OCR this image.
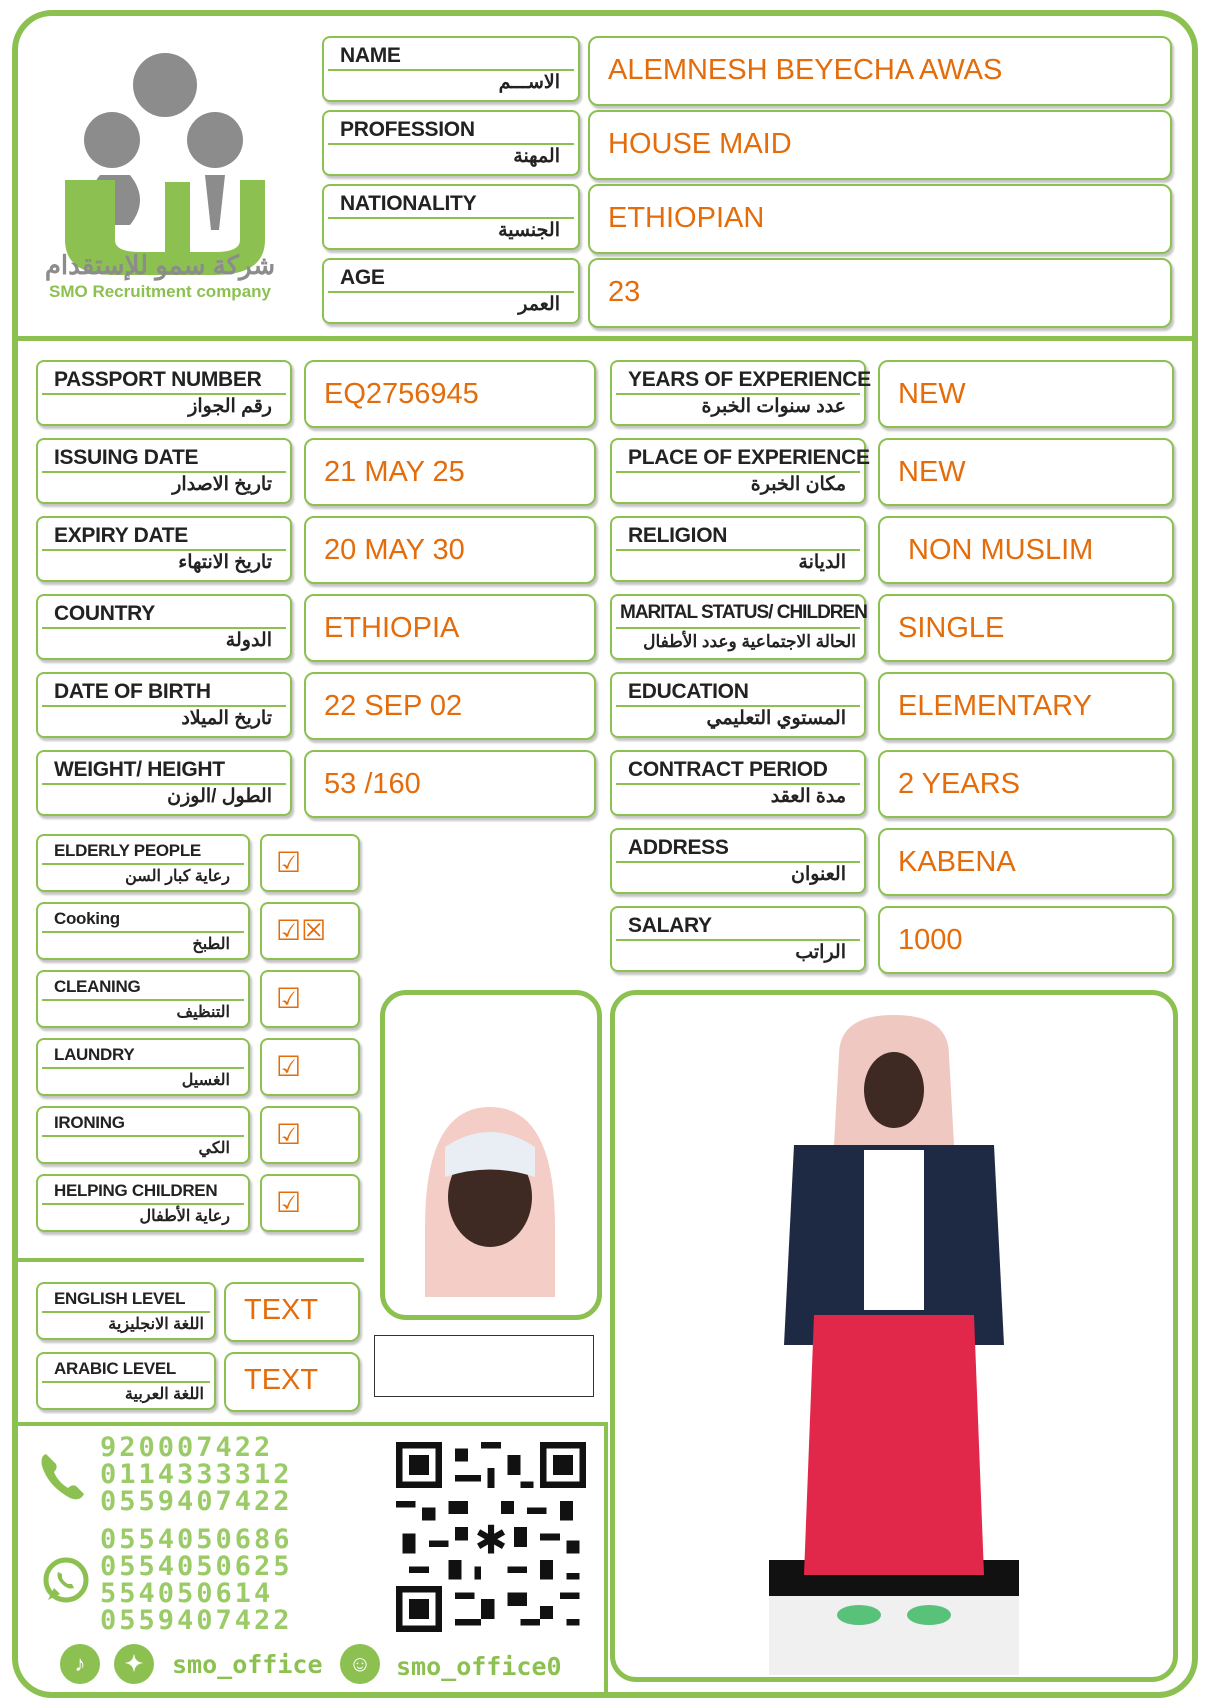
شركة سمو للإستقدام
SMO Recruitment company
NAME
الاســـم ALEMNESH BEYECHA AWAS
PROFESSION
المهنة HOUSE MAID
NATIONALITY
الجنسية ETHIOPIAN
AGE
العمر 23
PASSPORT NUMBER
رقم الجواز EQ2756945
ISSUING DATE
تاريخ الاصدار 21 MAY 25
EXPIRY DATE
تاريخ الانتهاء 20 MAY 30
COUNTRY
الدولة ETHIOPIA
DATE OF BIRTH
تاريخ الميلاد 22 SEP 02
WEIGHT/ HEIGHT
الطول /الوزن 53 /160
YEARS OF EXPERIENCE
عدد سنوات الخبرة NEW
PLACE OF EXPERIENCE
مكان الخبرة NEW
RELIGION
الديانة NON MUSLIM
MARITAL STATUS/ CHILDREN
الحالة الاجتماعية وعدد الأطفال SINGLE
EDUCATION
المستوي التعليمي ELEMENTARY
CONTRACT PERIOD
مدة العقد 2 YEARS
ADDRESS
العنوان KABENA
SALARY
الراتب 1000
ELDERLY PEOPLE
رعاية كبار السن ☑
Cooking
الطبخ ☑☒
CLEANING
التنظيف ☑
LAUNDRY
الغسيل ☑
IRONING
الكي ☑
HELPING CHILDREN
رعاية الأطفال ☑
ENGLISH LEVEL
اللغة الانجليزية TEXT
ARABIC LEVEL
اللغة العربية TEXT
920007422
0114333312
0559407422
0554050686
0554050625
554050614
0559407422
♪	✦	smo_office	☺ smo_office0
✱
